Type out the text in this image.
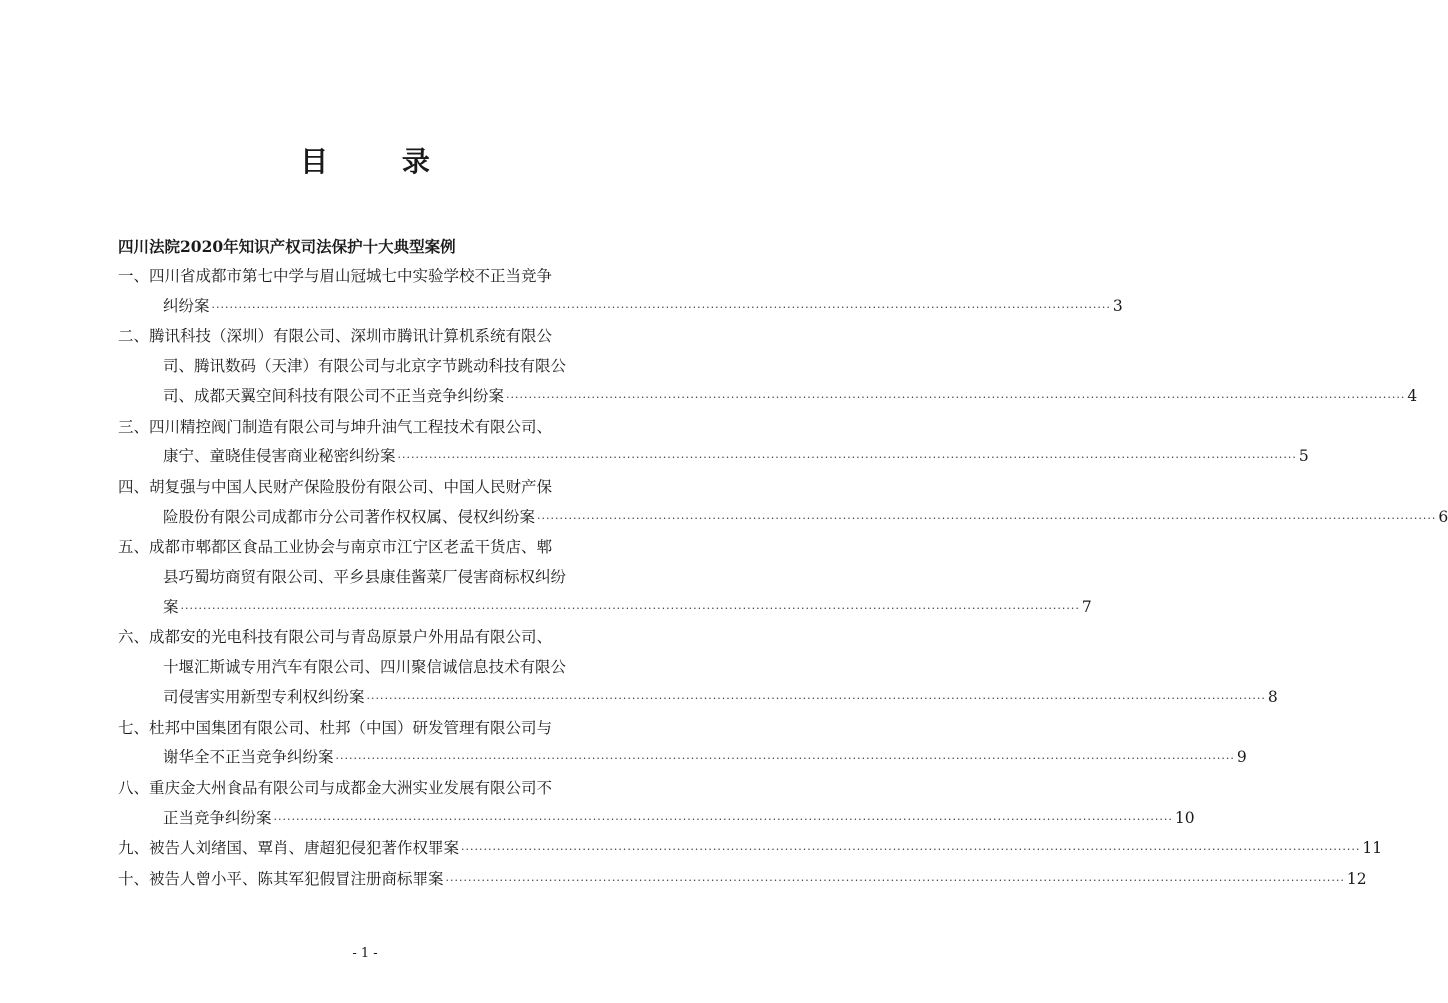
目 录
四川法院2020年知识产权司法保护十大典型案例
一、四川省成都市第七中学与眉山冠城七中实验学校不正当竞争
纠纷案 ········································································································································································································ 3
二、腾讯科技（深圳）有限公司、深圳市腾讯计算机系统有限公
司、腾讯数码（天津）有限公司与北京字节跳动科技有限公
司、成都天翼空间科技有限公司不正当竞争纠纷案 ········································································································································································································ 4
三、四川精控阀门制造有限公司与坤升油气工程技术有限公司、
康宁、童晓佳侵害商业秘密纠纷案 ········································································································································································································ 5
四、胡复强与中国人民财产保险股份有限公司、中国人民财产保
险股份有限公司成都市分公司著作权权属、侵权纠纷案 ········································································································································································································ 6
五、成都市郫都区食品工业协会与南京市江宁区老孟干货店、郫
县巧蜀坊商贸有限公司、平乡县康佳酱菜厂侵害商标权纠纷
案 ········································································································································································································ 7
六、成都安的光电科技有限公司与青岛原景户外用品有限公司、
十堰汇斯诚专用汽车有限公司、四川聚信诚信息技术有限公
司侵害实用新型专利权纠纷案 ········································································································································································································ 8
七、杜邦中国集团有限公司、杜邦（中国）研发管理有限公司与
谢华全不正当竞争纠纷案 ········································································································································································································ 9
八、重庆金大州食品有限公司与成都金大洲实业发展有限公司不
正当竞争纠纷案 ········································································································································································································ 10
九、被告人刘绪国、覃肖、唐超犯侵犯著作权罪案 ········································································································································································································ 11
十、被告人曾小平、陈其军犯假冒注册商标罪案 ········································································································································································································ 12
- 1 -
